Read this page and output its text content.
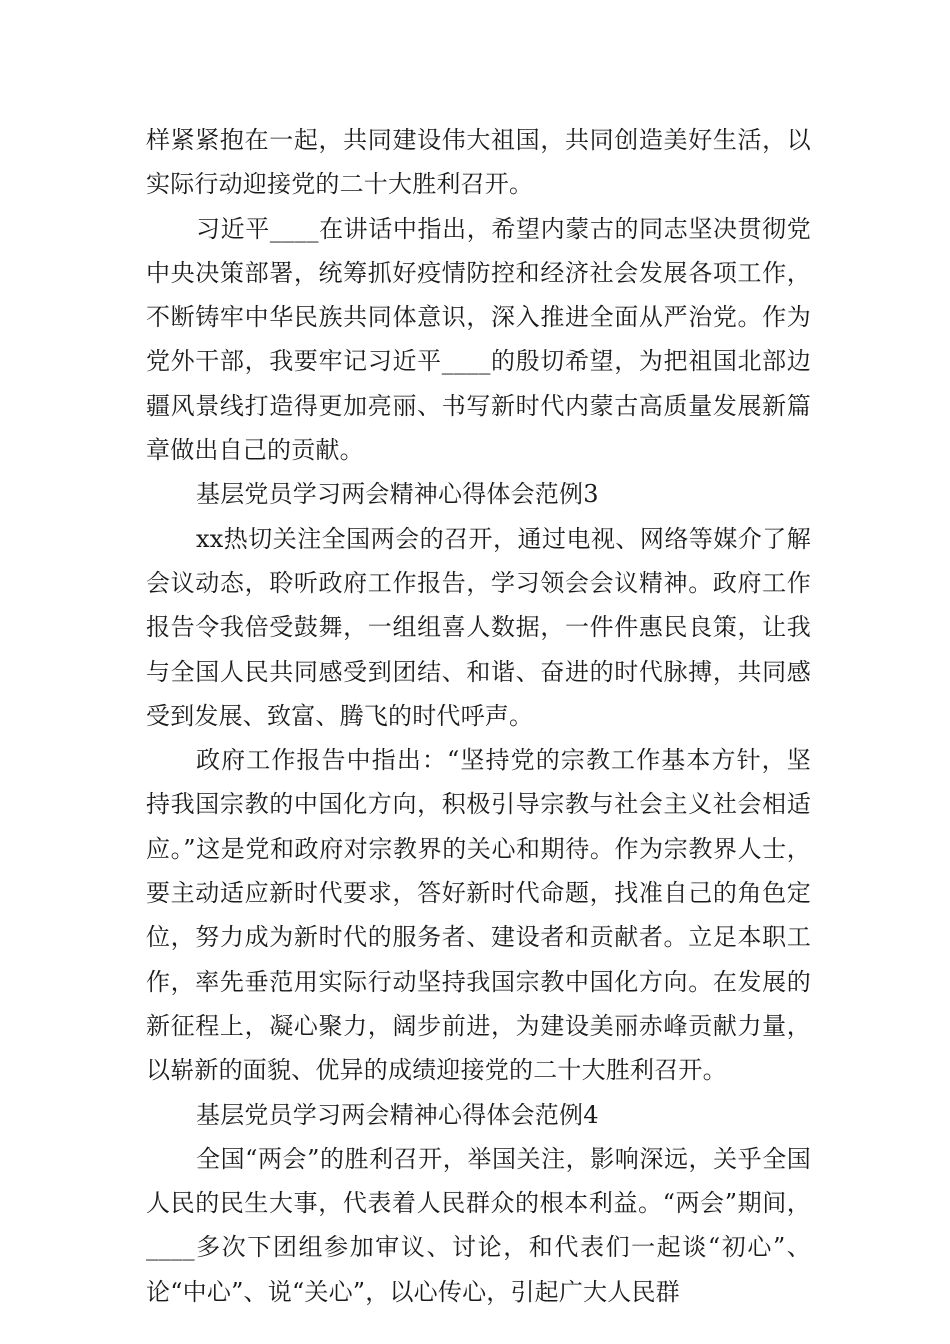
样紧紧抱在一起，共同建设伟大祖国，共同创造美好生活，以实际行动迎接党的二十大胜利召开。

习近平____在讲话中指出，希望内蒙古的同志坚决贯彻党中央决策部署，统筹抓好疫情防控和经济社会发展各项工作，不断铸牢中华民族共同体意识，深入推进全面从严治党。作为党外干部，我要牢记习近平____的殷切希望，为把祖国北部边疆风景线打造得更加亮丽、书写新时代内蒙古高质量发展新篇章做出自己的贡献。

基层党员学习两会精神心得体会范例3

xx热切关注全国两会的召开，通过电视、网络等媒介了解会议动态，聆听政府工作报告，学习领会会议精神。政府工作报告令我倍受鼓舞，一组组喜人数据，一件件惠民良策，让我与全国人民共同感受到团结、和谐、奋进的时代脉搏，共同感受到发展、致富、腾飞的时代呼声。

政府工作报告中指出：“坚持党的宗教工作基本方针，坚持我国宗教的中国化方向，积极引导宗教与社会主义社会相适应。”这是党和政府对宗教界的关心和期待。作为宗教界人士，要主动适应新时代要求，答好新时代命题，找准自己的角色定位，努力成为新时代的服务者、建设者和贡献者。立足本职工作，率先垂范用实际行动坚持我国宗教中国化方向。在发展的新征程上，凝心聚力，阔步前进，为建设美丽赤峰贡献力量，以崭新的面貌、优异的成绩迎接党的二十大胜利召开。

基层党员学习两会精神心得体会范例4

全国“两会”的胜利召开，举国关注，影响深远，关乎全国人民的民生大事，代表着人民群众的根本利益。“两会”期间，____多次下团组参加审议、讨论，和代表们一起谈“初心”、论“中心”、说“关心”，以心传心，引起广大人民群
